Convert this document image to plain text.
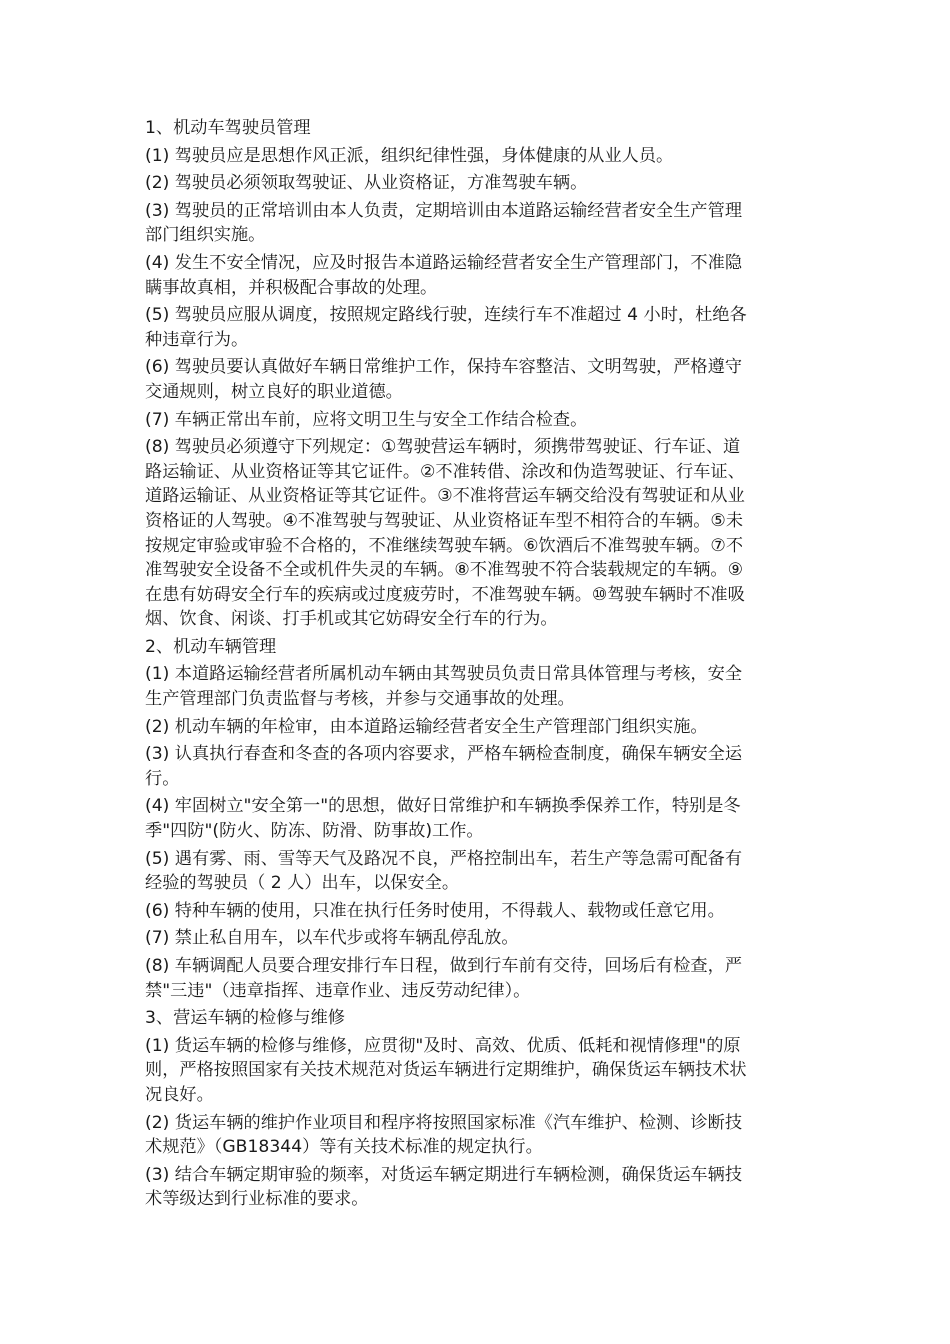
1、机动车驾驶员管理

(1) 驾驶员应是思想作风正派，组织纪律性强，身体健康的从业人员。

(2) 驾驶员必须领取驾驶证、从业资格证，方准驾驶车辆。

(3) 驾驶员的正常培训由本人负责，定期培训由本道路运输经营者安全生产管理

部门组织实施。

(4) 发生不安全情况，应及时报告本道路运输经营者安全生产管理部门，不准隐

瞒事故真相，并积极配合事故的处理。

(5) 驾驶员应服从调度，按照规定路线行驶，连续行车不准超过 4 小时，杜绝各

种违章行为。

(6) 驾驶员要认真做好车辆日常维护工作，保持车容整洁、文明驾驶，严格遵守

交通规则，树立良好的职业道德。

(7) 车辆正常出车前，应将文明卫生与安全工作结合检查。

(8) 驾驶员必须遵守下列规定：①驾驶营运车辆时，须携带驾驶证、行车证、道

路运输证、从业资格证等其它证件。②不准转借、涂改和伪造驾驶证、行车证、

道路运输证、从业资格证等其它证件。③不准将营运车辆交给没有驾驶证和从业

资格证的人驾驶。④不准驾驶与驾驶证、从业资格证车型不相符合的车辆。⑤未

按规定审验或审验不合格的，不准继续驾驶车辆。⑥饮酒后不准驾驶车辆。⑦不

准驾驶安全设备不全或机件失灵的车辆。⑧不准驾驶不符合装载规定的车辆。⑨

在患有妨碍安全行车的疾病或过度疲劳时，不准驾驶车辆。⑩驾驶车辆时不准吸

烟、饮食、闲谈、打手机或其它妨碍安全行车的行为。

2、机动车辆管理

(1) 本道路运输经营者所属机动车辆由其驾驶员负责日常具体管理与考核，安全

生产管理部门负责监督与考核，并参与交通事故的处理。

(2) 机动车辆的年检审，由本道路运输经营者安全生产管理部门组织实施。

(3) 认真执行春查和冬查的各项内容要求，严格车辆检查制度，确保车辆安全运

行。

(4) 牢固树立"安全第一"的思想，做好日常维护和车辆换季保养工作，特别是冬

季"四防"(防火、防冻、防滑、防事故)工作。

(5) 遇有雾、雨、雪等天气及路况不良，严格控制出车，若生产等急需可配备有

经验的驾驶员（ 2 人）出车，以保安全。

(6) 特种车辆的使用，只准在执行任务时使用，不得载人、载物或任意它用。

(7) 禁止私自用车，以车代步或将车辆乱停乱放。

(8) 车辆调配人员要合理安排行车日程，做到行车前有交待，回场后有检查，严

禁"三违"（违章指挥、违章作业、违反劳动纪律）。

3、营运车辆的检修与维修

(1) 货运车辆的检修与维修，应贯彻"及时、高效、优质、低耗和视情修理"的原

则，严格按照国家有关技术规范对货运车辆进行定期维护，确保货运车辆技术状

况良好。

(2) 货运车辆的维护作业项目和程序将按照国家标准《汽车维护、检测、诊断技

术规范》（GB18344）等有关技术标准的规定执行。

(3) 结合车辆定期审验的频率，对货运车辆定期进行车辆检测，确保货运车辆技

术等级达到行业标准的要求。
